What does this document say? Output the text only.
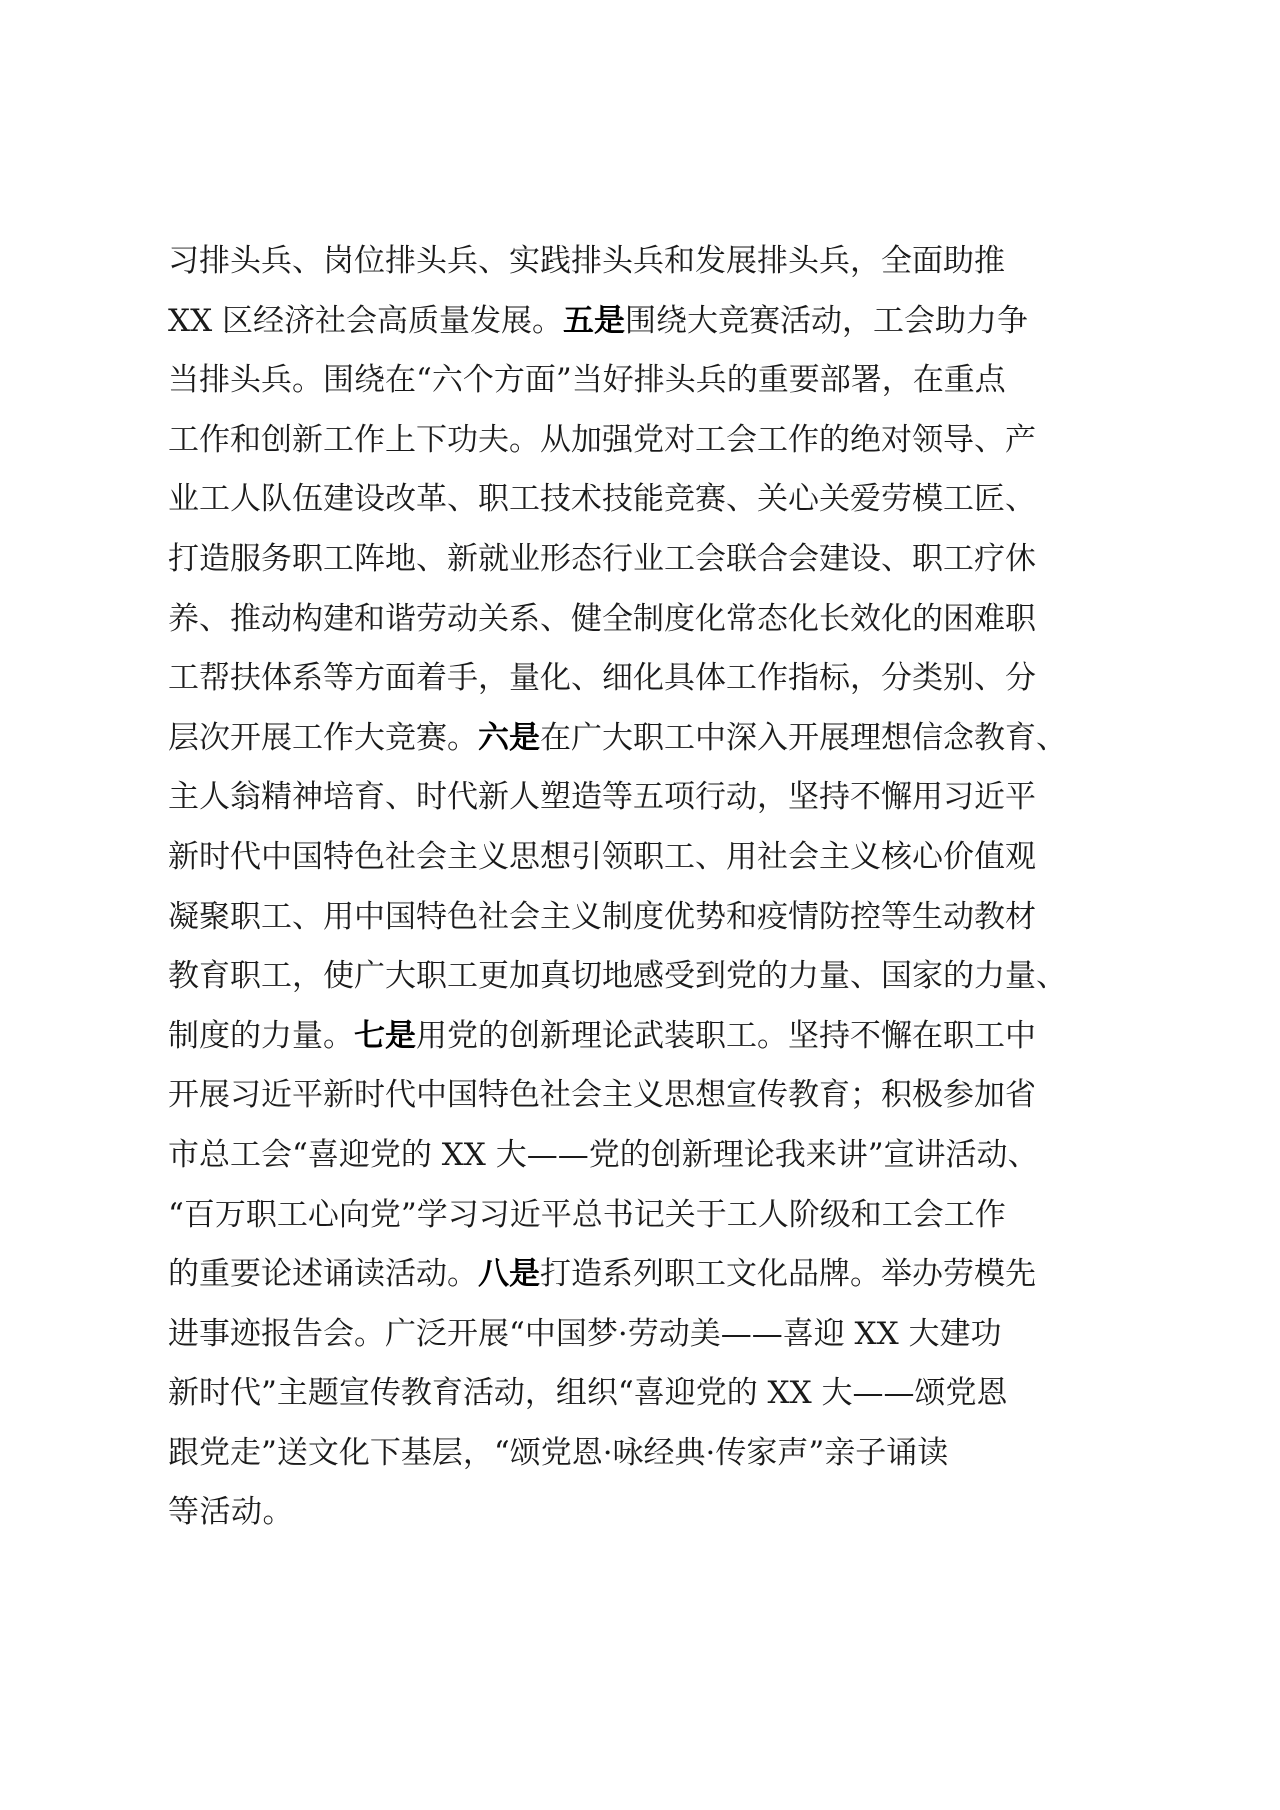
习排头兵、岗位排头兵、实践排头兵和发展排头兵，全面助推
XX 区经济社会高质量发展。五是围绕大竞赛活动，工会助力争
当排头兵。围绕在“六个方面”当好排头兵的重要部署，在重点
工作和创新工作上下功夫。从加强党对工会工作的绝对领导、产
业工人队伍建设改革、职工技术技能竞赛、关心关爱劳模工匠、
打造服务职工阵地、新就业形态行业工会联合会建设、职工疗休
养、推动构建和谐劳动关系、健全制度化常态化长效化的困难职
工帮扶体系等方面着手，量化、细化具体工作指标，分类别、分
层次开展工作大竞赛。六是在广大职工中深入开展理想信念教育、
主人翁精神培育、时代新人塑造等五项行动，坚持不懈用习近平
新时代中国特色社会主义思想引领职工、用社会主义核心价值观
凝聚职工、用中国特色社会主义制度优势和疫情防控等生动教材
教育职工，使广大职工更加真切地感受到党的力量、国家的力量、
制度的力量。七是用党的创新理论武装职工。坚持不懈在职工中
开展习近平新时代中国特色社会主义思想宣传教育；积极参加省
市总工会“喜迎党的 XX 大——党的创新理论我来讲”宣讲活动、
“百万职工心向党”学习习近平总书记关于工人阶级和工会工作
的重要论述诵读活动。八是打造系列职工文化品牌。举办劳模先
进事迹报告会。广泛开展“中国梦·劳动美——喜迎 XX 大建功
新时代”主题宣传教育活动，组织“喜迎党的 XX 大——颂党恩
跟党走”送文化下基层，“颂党恩·咏经典·传家声”亲子诵读
等活动。
